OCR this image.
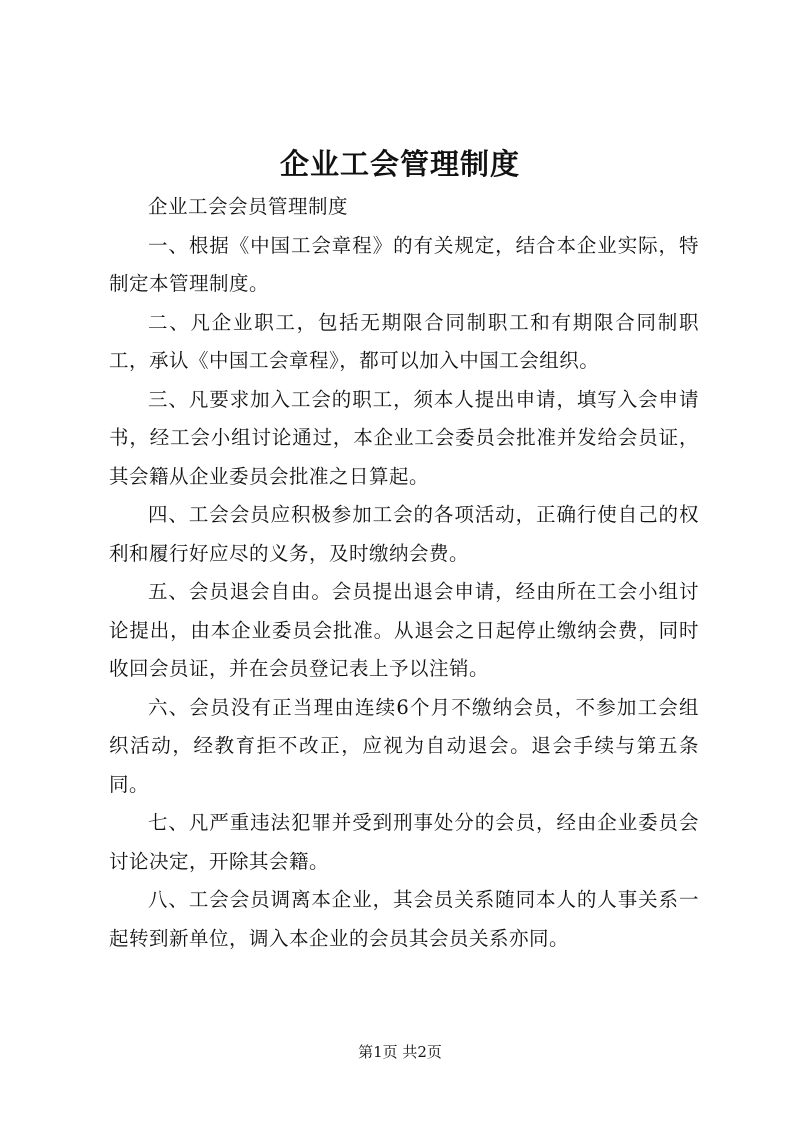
企业工会管理制度

企业工会会员管理制度

一、根据《中国工会章程》的有关规定，结合本企业实际，特制定本管理制度。

二、凡企业职工，包括无期限合同制职工和有期限合同制职工，承认《中国工会章程》，都可以加入中国工会组织。

三、凡要求加入工会的职工，须本人提出申请，填写入会申请书，经工会小组讨论通过，本企业工会委员会批准并发给会员证，其会籍从企业委员会批准之日算起。

四、工会会员应积极参加工会的各项活动，正确行使自己的权利和履行好应尽的义务，及时缴纳会费。

五、会员退会自由。会员提出退会申请，经由所在工会小组讨论提出，由本企业委员会批准。从退会之日起停止缴纳会费，同时收回会员证，并在会员登记表上予以注销。

六、会员没有正当理由连续6个月不缴纳会员，不参加工会组织活动，经教育拒不改正，应视为自动退会。退会手续与第五条同。

七、凡严重违法犯罪并受到刑事处分的会员，经由企业委员会讨论决定，开除其会籍。

八、工会会员调离本企业，其会员关系随同本人的人事关系一起转到新单位，调入本企业的会员其会员关系亦同。

第1页 共2页
